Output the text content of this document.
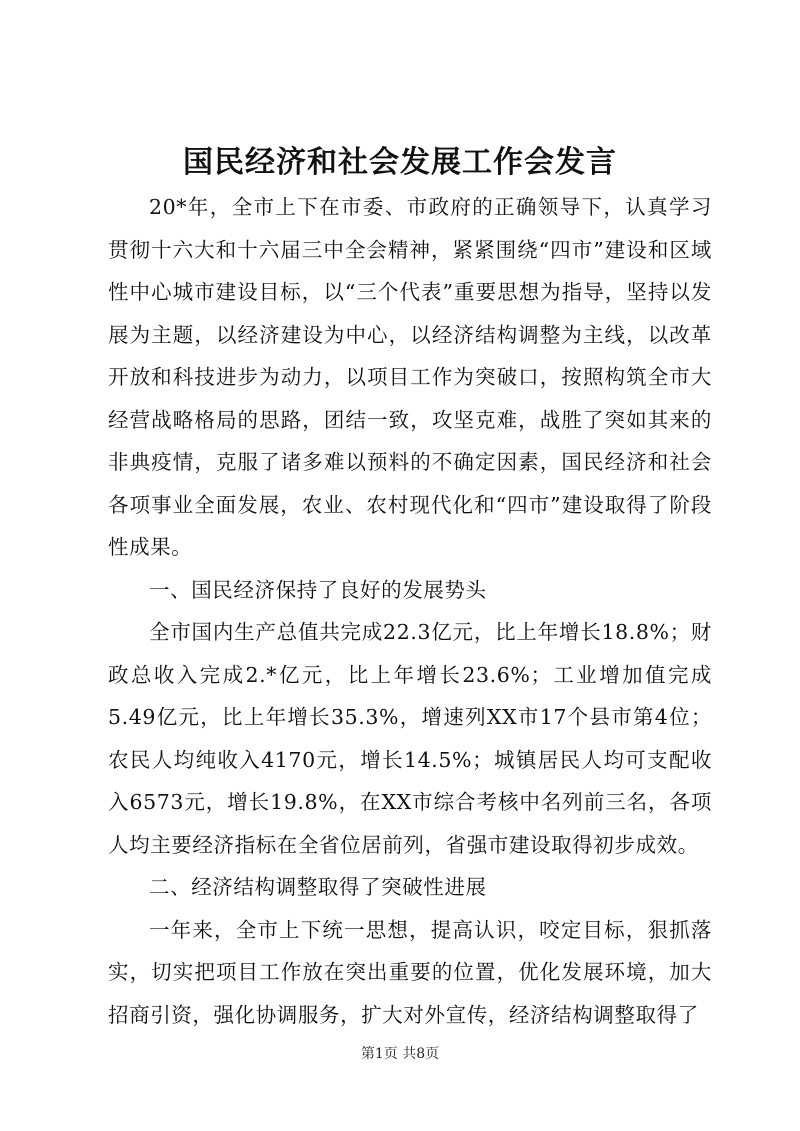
国民经济和社会发展工作会发言

20*年，全市上下在市委、市政府的正确领导下，认真学习贯彻十六大和十六届三中全会精神，紧紧围绕“四市”建设和区域性中心城市建设目标，以“三个代表”重要思想为指导，坚持以发展为主题，以经济建设为中心，以经济结构调整为主线，以改革开放和科技进步为动力，以项目工作为突破口，按照构筑全市大经营战略格局的思路，团结一致，攻坚克难，战胜了突如其来的非典疫情，克服了诸多难以预料的不确定因素，国民经济和社会各项事业全面发展，农业、农村现代化和“四市”建设取得了阶段性成果。

一、国民经济保持了良好的发展势头

全市国内生产总值共完成22.3亿元，比上年增长18.8%；财政总收入完成2.*亿元，比上年增长23.6%；工业增加值完成5.49亿元，比上年增长35.3%，增速列XX市17个县市第4位；农民人均纯收入4170元，增长14.5%；城镇居民人均可支配收入6573元，增长19.8%，在XX市综合考核中名列前三名，各项人均主要经济指标在全省位居前列，省强市建设取得初步成效。

二、经济结构调整取得了突破性进展

一年来，全市上下统一思想，提高认识，咬定目标，狠抓落实，切实把项目工作放在突出重要的位置，优化发展环境，加大招商引资，强化协调服务，扩大对外宣传，经济结构调整取得了

第1页 共8页
